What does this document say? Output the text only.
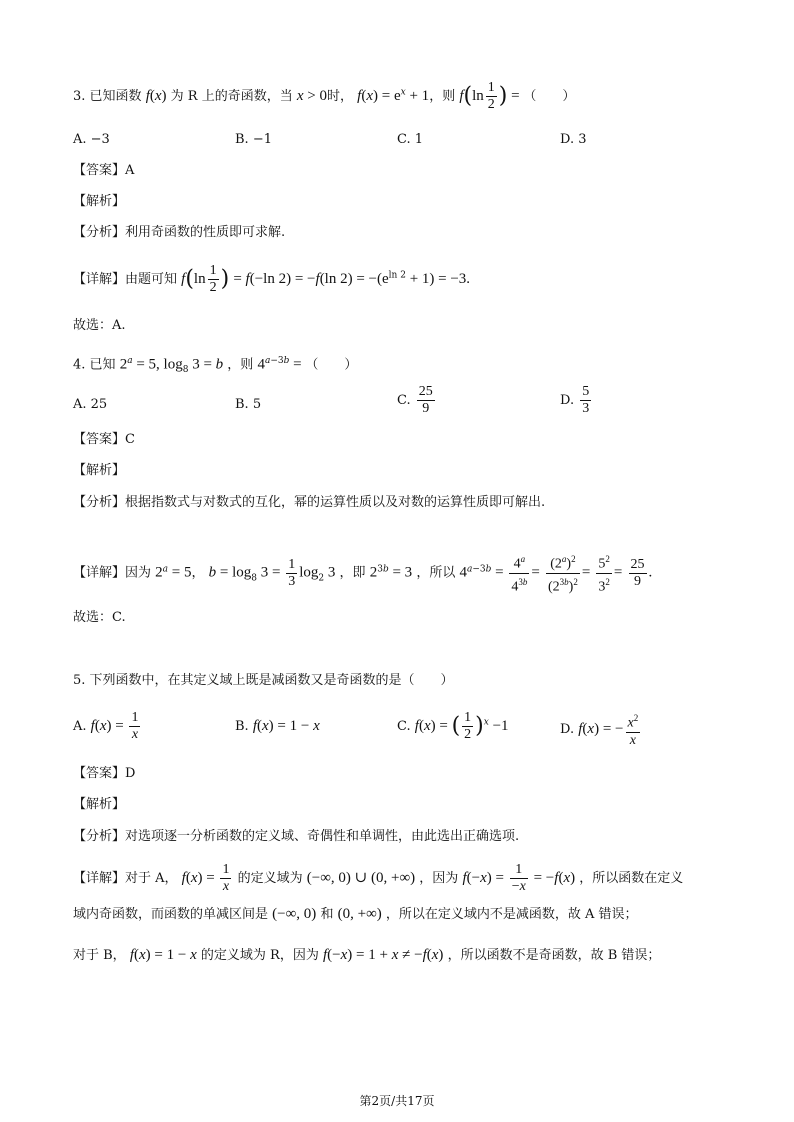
3. 已知函数 f(x) 为 R 上的奇函数，当 x > 0时， $f(x) = e^x + 1$，则 $f(\ln \frac{1}{2}$ ) = （　　）
A. −3	B. −1	C. 1	D. 3
【答案】A
【解析】
【分析】利用奇函数的性质即可求解.
【详解】由题可知 $f(\ln \frac{1}{2}$ ) = f(−ln 2) = −f(ln $2) = -(e^{ln 2} + 1) = -3$.
故选：A.
4. 已知 $2^a = 5$, $\log_8 3 = b$ ，则 $4^{a-3b}$ = （　　）
A. 25	B. 5	C. $\frac{25}{9}$	D. $\frac{5}{3}$
【答案】C
【解析】
【分析】根据指数式与对数式的互化，幂的运算性质以及对数的运算性质即可解出.
【详解】因为 $2^a = 5$， $b = \log_8 3 = \frac{1}{3} \log_2 3$ ，即 $2^{3b} = 3$ ，所以 $4^{a-3b} = \frac{4^a}{4^{3b}} = \frac{(2^a)^2}{(2^{3b})^2} = \frac{5^2}{3^2} = \frac{25}{9}$ .
故选：C.
5. 下列函数中，在其定义域上既是减函数又是奇函数的是（　　）
A. $f(x) = \frac{1}{x}$	B. f(x) = 1 − x	C. f(x) = ( $\frac{1}{2} )^x -1$	D. f(x) = − $\frac{x^2}{x}$
【答案】D
【解析】
【分析】对选项逐一分析函数的定义域、奇偶性和单调性，由此选出正确选项.
【详解】对于 A， $f(x) = \frac{1}{x}$ 的定义域为 (−∞, 0) ∪ (0, +∞) ，因为 $f(-x) = \frac{1}{-x} = -f(x)$ ，所以函数在定义
域内奇函数，而函数的单减区间是 (−∞, 0) 和 (0, +∞) ，所以在定义域内不是减函数，故 A 错误；
对于 B， f(x) = 1 − x 的定义域为 R，因为 f(−x) = 1 + x ≠ −f(x) ，所以函数不是奇函数，故 B 错误；
第2页/共17页
